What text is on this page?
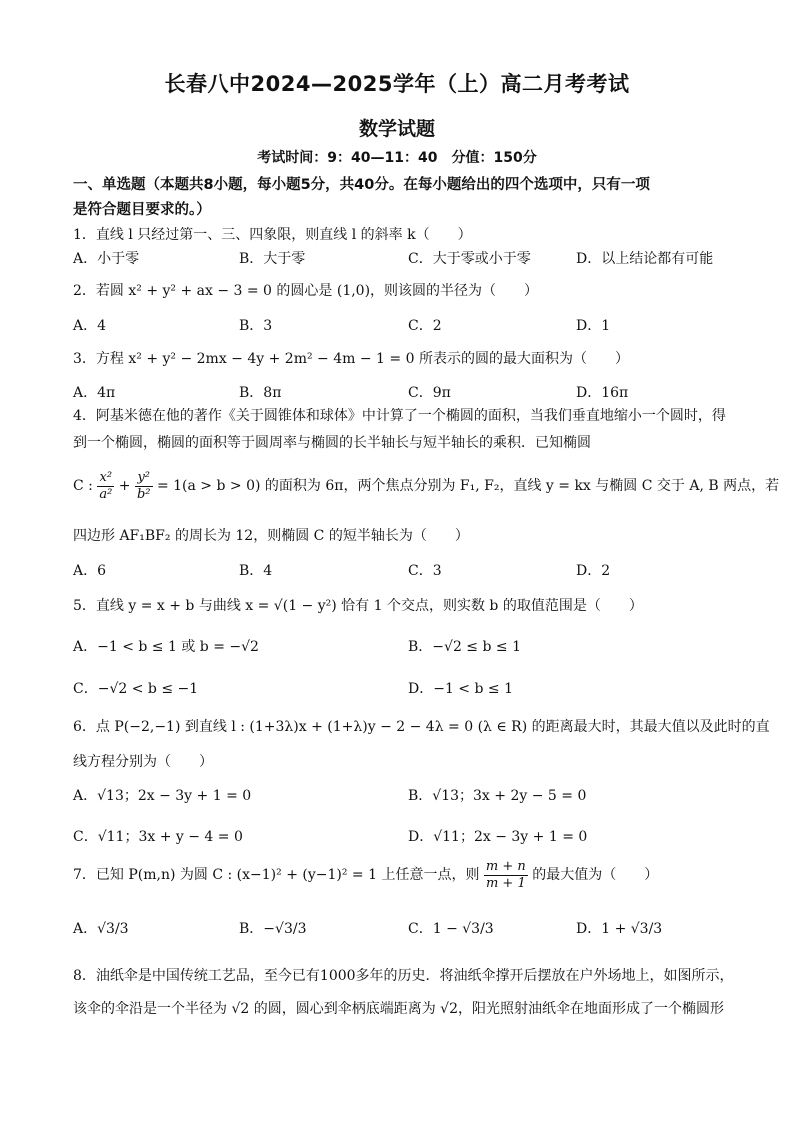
长春八中2024—2025学年（上）高二月考考试
数学试题
考试时间：9：40—11：40　分值：150分
一、单选题（本题共8小题，每小题5分，共40分。在每小题给出的四个选项中，只有一项
是符合题目要求的。）
1．直线 l 只经过第一、三、四象限，则直线 l 的斜率 k（　　）
A．小于零	B．大于零	C．大于零或小于零	D．以上结论都有可能
2．若圆 x² + y² + ax − 3 = 0 的圆心是 (1,0)，则该圆的半径为（　　）
A．4	B．3	C．2	D．1
3．方程 x² + y² − 2mx − 4y + 2m² − 4m − 1 = 0 所表示的圆的最大面积为（　　）
A．4π	B．8π	C．9π	D．16π
4．阿基米德在他的著作《关于圆锥体和球体》中计算了一个椭圆的面积，当我们垂直地缩小一个圆时，得
到一个椭圆，椭圆的面积等于圆周率与椭圆的长半轴长与短半轴长的乘积．已知椭圆
C : $\frac{\text{x²}}{\text{a²}} + \frac{\text{y²}}{\text{b²}} = 1(a > b > 0)$ 的面积为 6π，两个焦点分别为 F₁, F₂，直线 y = kx 与椭圆 C 交于 A, B 两点，若
四边形 AF₁BF₂ 的周长为 12，则椭圆 C 的短半轴长为（　　）
A．6	B．4	C．3	D．2
5．直线 y = x + b 与曲线 x = √(1 − y²) 恰有 1 个交点，则实数 b 的取值范围是（　　）
A．−1 < b ≤ 1 或 b = −√2	B．−√2 ≤ b ≤ 1
C．−√2 < b ≤ −1	D．−1 < b ≤ 1
6．点 P(−2,−1) 到直线 l : (1+3λ)x + (1+λ)y − 2 − 4λ = 0 (λ ∈ R) 的距离最大时，其最大值以及此时的直
线方程分别为（　　）
A．√13；2x − 3y + 1 = 0	B．√13；3x + 2y − 5 = 0
C．√11；3x + y − 4 = 0	D．√11；2x − 3y + 1 = 0
7．已知 P(m,n) 为圆 C : (x−1)² + (y−1)² = 1 上任意一点，则 $\frac{m + n}{m + 1}$ 的最大值为（　　）
A．√3/3	B．−√3/3	C．1 − √3/3	D．1 + √3/3
8．油纸伞是中国传统工艺品，至今已有1000多年的历史．将油纸伞撑开后摆放在户外场地上，如图所示，
该伞的伞沿是一个半径为 √2 的圆，圆心到伞柄底端距离为 √2，阳光照射油纸伞在地面形成了一个椭圆形
